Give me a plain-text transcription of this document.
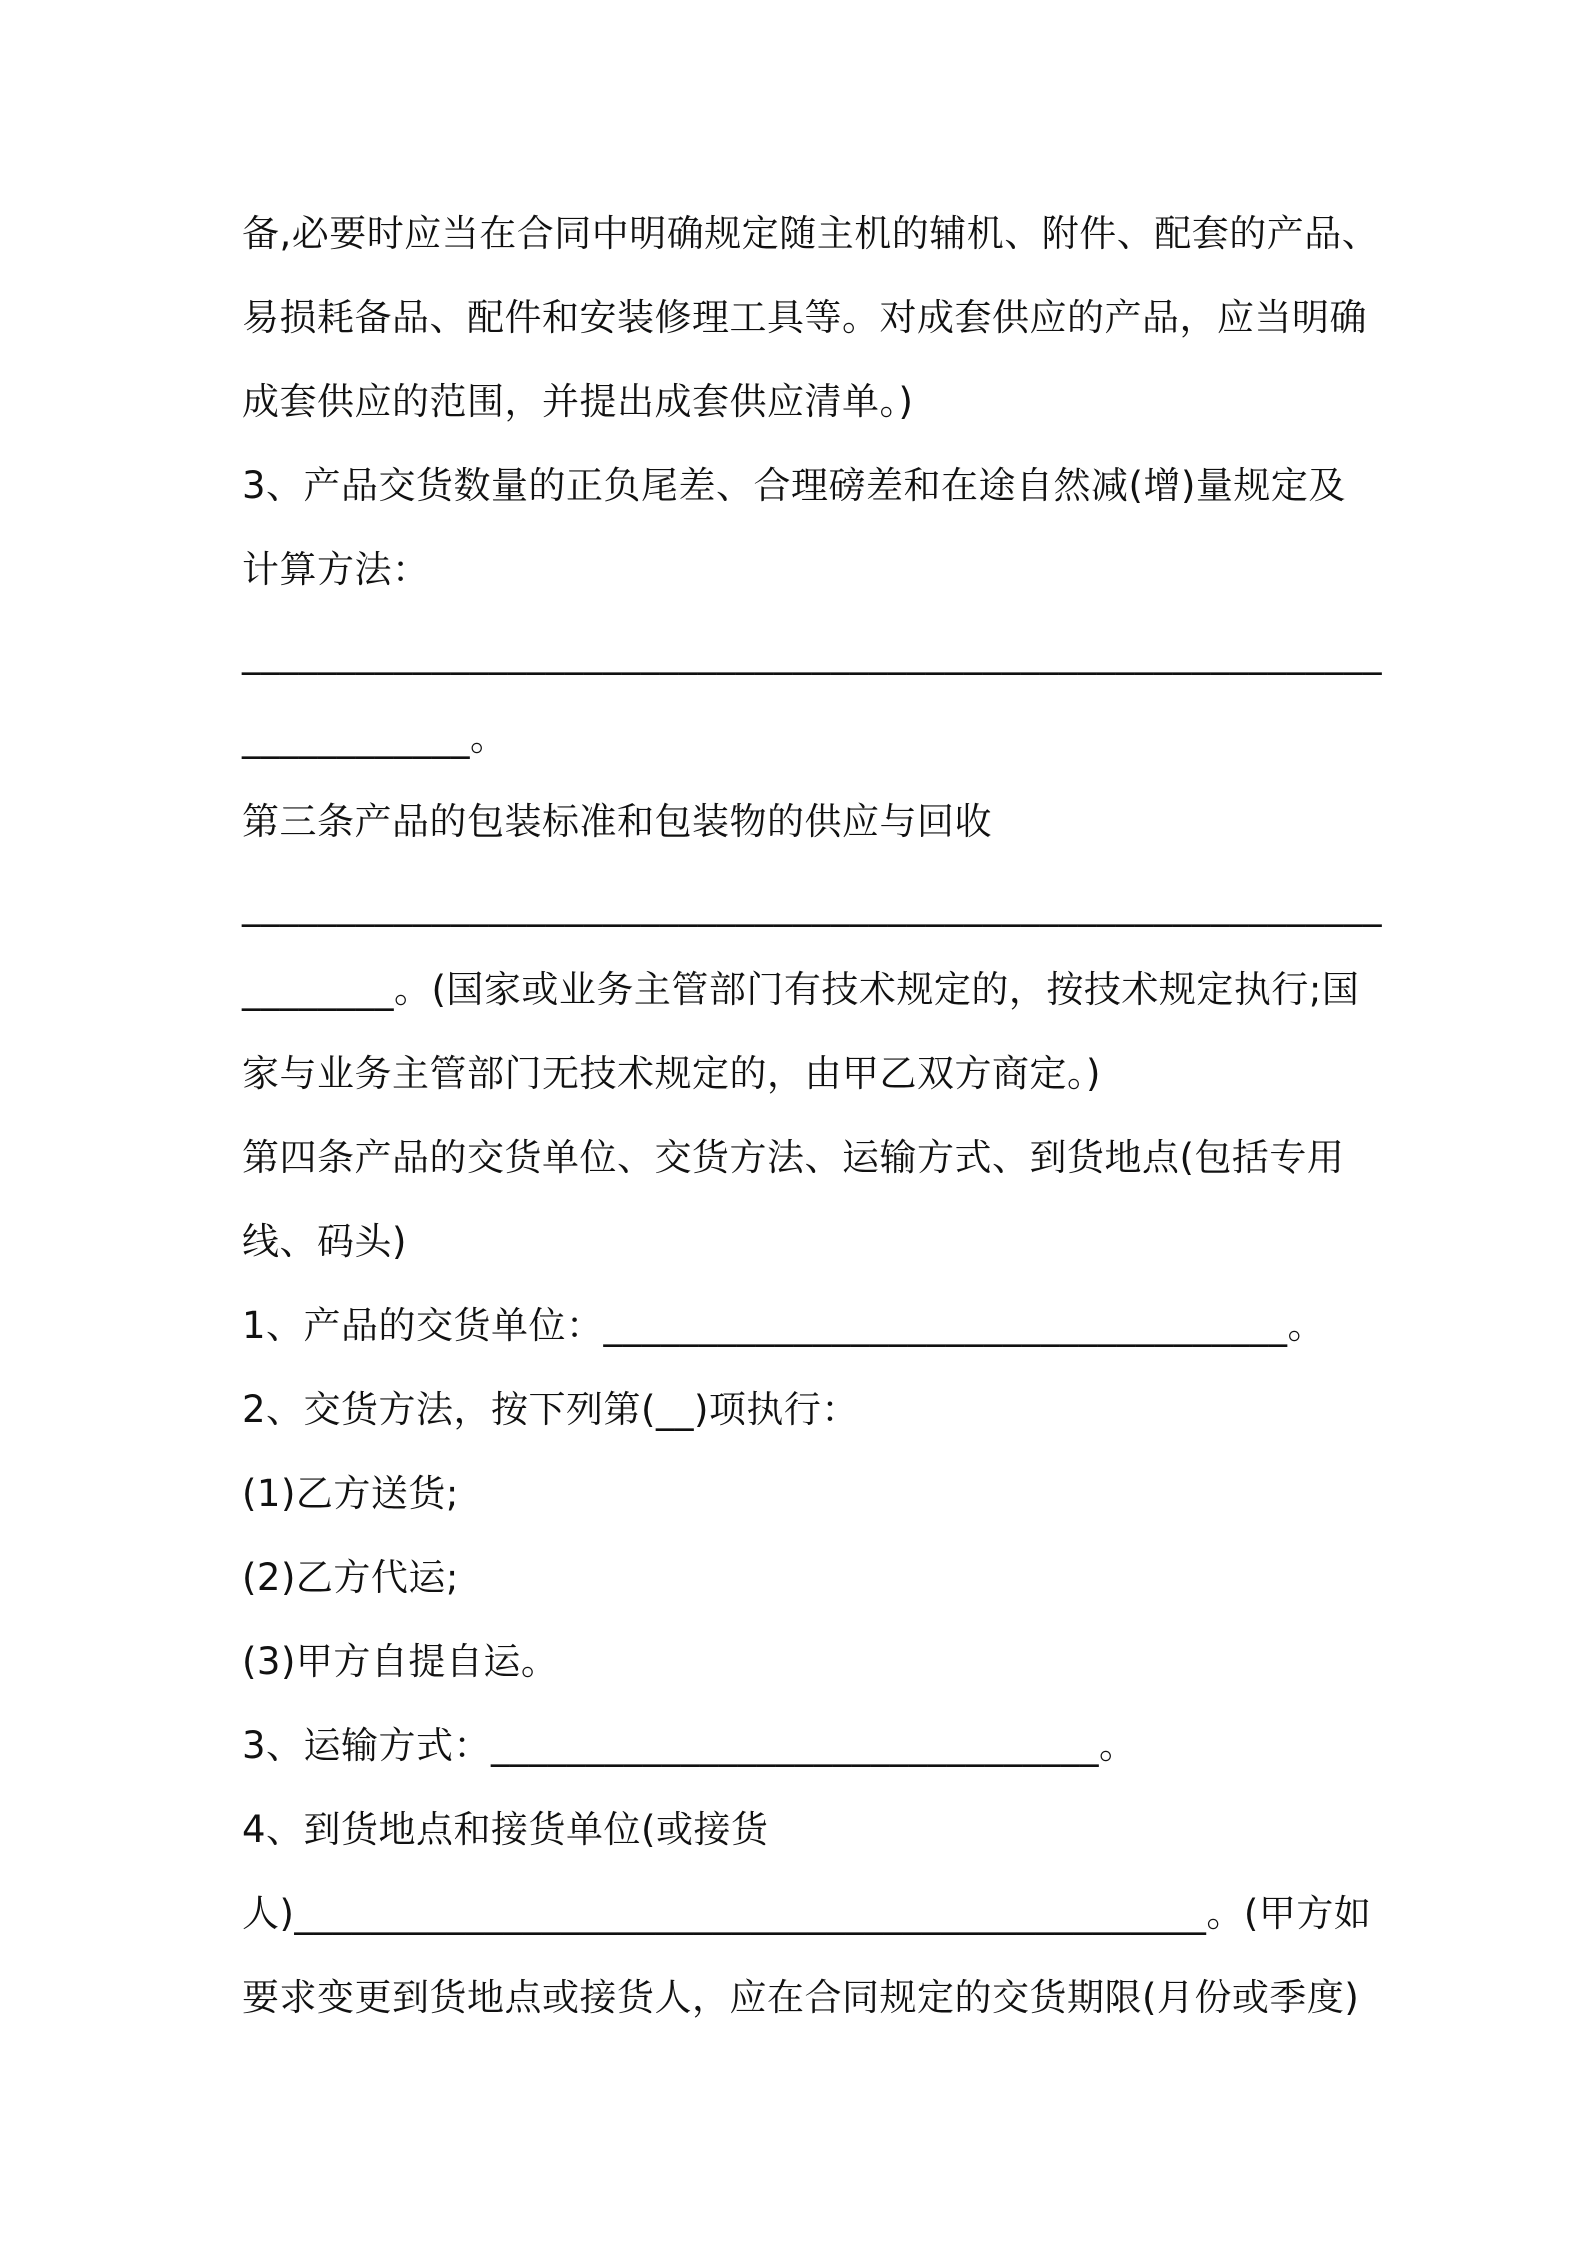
备,必要时应当在合同中明确规定随主机的辅机、附件、配套的产品、
易损耗备品、配件和安装修理工具等。对成套供应的产品，应当明确
成套供应的范围，并提出成套供应清单。)
3、产品交货数量的正负尾差、合理磅差和在途自然减(增)量规定及
计算方法：
____________________________________________________________
____________。
第三条产品的包装标准和包装物的供应与回收
____________________________________________________________
________。(国家或业务主管部门有技术规定的，按技术规定执行;国
家与业务主管部门无技术规定的，由甲乙双方商定。)
第四条产品的交货单位、交货方法、运输方式、到货地点(包括专用
线、码头)
1、产品的交货单位：____________________________________。
2、交货方法，按下列第(__)项执行：
(1)乙方送货;
(2)乙方代运;
(3)甲方自提自运。
3、运输方式：________________________________。
4、到货地点和接货单位(或接货
人)________________________________________________。(甲方如
要求变更到货地点或接货人，应在合同规定的交货期限(月份或季度)
